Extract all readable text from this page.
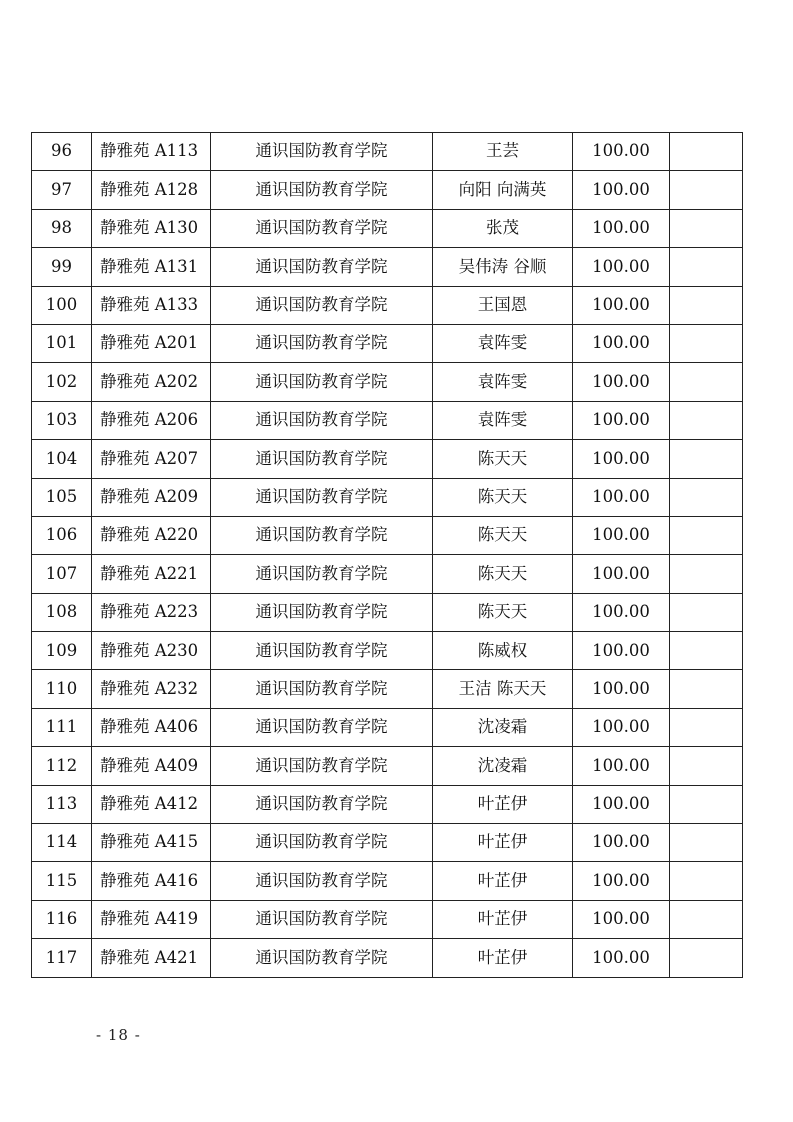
96	静雅苑 A113	通识国防教育学院	王芸	100.00	
97	静雅苑 A128	通识国防教育学院	向阳 向满英	100.00	
98	静雅苑 A130	通识国防教育学院	张茂	100.00	
99	静雅苑 A131	通识国防教育学院	吴伟涛 谷顺	100.00	
100	静雅苑 A133	通识国防教育学院	王国恩	100.00	
101	静雅苑 A201	通识国防教育学院	袁阵雯	100.00	
102	静雅苑 A202	通识国防教育学院	袁阵雯	100.00	
103	静雅苑 A206	通识国防教育学院	袁阵雯	100.00	
104	静雅苑 A207	通识国防教育学院	陈天天	100.00	
105	静雅苑 A209	通识国防教育学院	陈天天	100.00	
106	静雅苑 A220	通识国防教育学院	陈天天	100.00	
107	静雅苑 A221	通识国防教育学院	陈天天	100.00	
108	静雅苑 A223	通识国防教育学院	陈天天	100.00	
109	静雅苑 A230	通识国防教育学院	陈威权	100.00	
110	静雅苑 A232	通识国防教育学院	王洁 陈天天	100.00	
111	静雅苑 A406	通识国防教育学院	沈凌霜	100.00	
112	静雅苑 A409	通识国防教育学院	沈凌霜	100.00	
113	静雅苑 A412	通识国防教育学院	叶芷伊	100.00	
114	静雅苑 A415	通识国防教育学院	叶芷伊	100.00	
115	静雅苑 A416	通识国防教育学院	叶芷伊	100.00	
116	静雅苑 A419	通识国防教育学院	叶芷伊	100.00	
117	静雅苑 A421	通识国防教育学院	叶芷伊	100.00	
- 18 -
